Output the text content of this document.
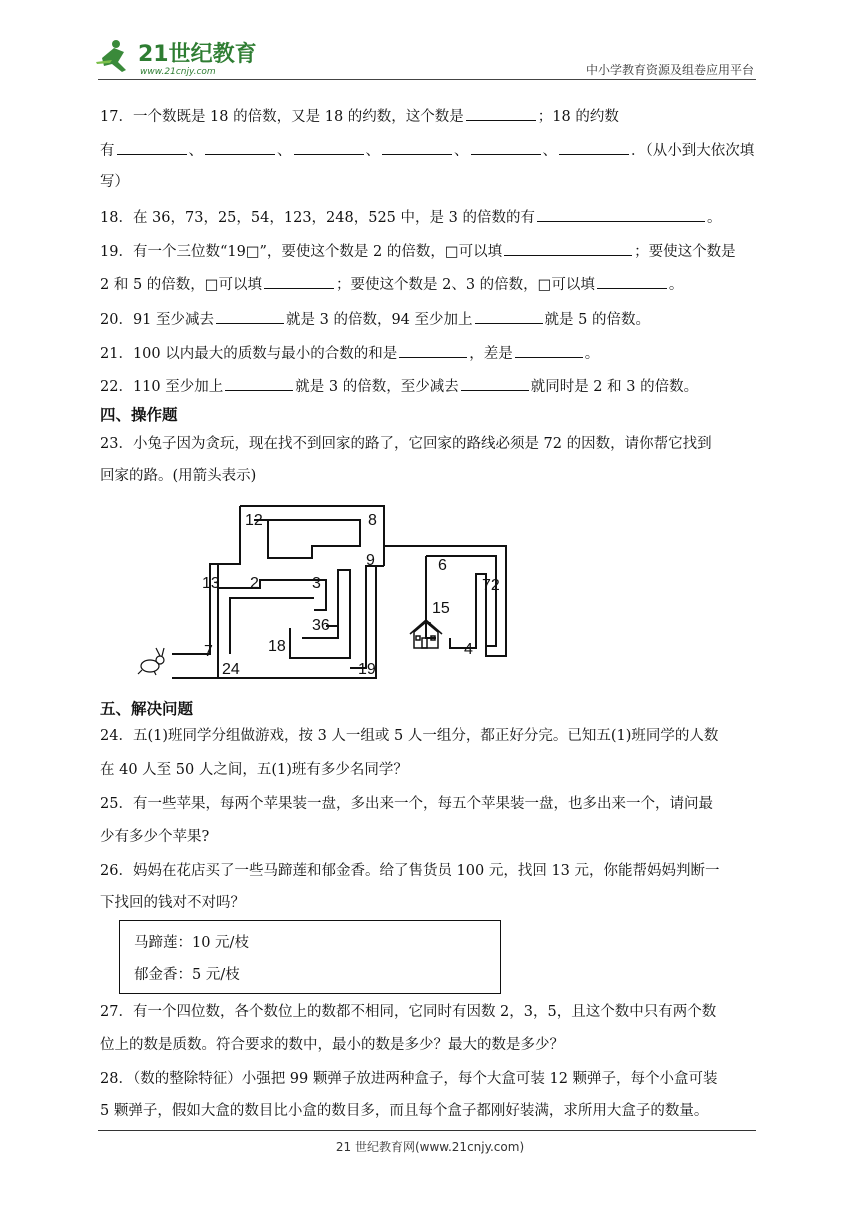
21世纪教育
www.21cnjy.com	中小学教育资源及组卷应用平台
17．一个数既是 18 的倍数，又是 18 的约数，这个数是	；18 的约数
有	、	、	、	、	、	．（从小到大依次填
写）
18．在 36，73，25，54，123，248，525 中，是 3 的倍数的有	。
19．有一个三位数“19□”，要使这个数是 2 的倍数，□可以填	；要使这个数是
2 和 5 的倍数，□可以填	；要使这个数是 2、3 的倍数，□可以填	。
20．91 至少减去	就是 3 的倍数，94 至少加上	就是 5 的倍数。
21．100 以内最大的质数与最小的合数的和是	，差是	。
22．110 至少加上	就是 3 的倍数，至少减去	就同时是 2 和 3 的倍数。
四、操作题
23．小兔子因为贪玩，现在找不到回家的路了，它回家的路线必须是 72 的因数，请你帮它找到
回家的路。(用箭头表示)
12	8
9	6
13 2	3	72
15
36
18
7
24	19
4
五、解决问题
24．五(1)班同学分组做游戏，按 3 人一组或 5 人一组分，都正好分完。已知五(1)班同学的人数
在 40 人至 50 人之间，五(1)班有多少名同学？
25．有一些苹果，每两个苹果装一盘，多出来一个，每五个苹果装一盘，也多出来一个，请问最
少有多少个苹果?
26．妈妈在花店买了一些马蹄莲和郁金香。给了售货员 100 元，找回 13 元，你能帮妈妈判断一
下找回的钱对不对吗？
马蹄莲：10 元/枝
郁金香：5 元/枝
27．有一个四位数，各个数位上的数都不相同，它同时有因数 2，3，5，且这个数中只有两个数
位上的数是质数。符合要求的数中，最小的数是多少？最大的数是多少？
28．（数的整除特征）小强把 99 颗弹子放进两种盒子，每个大盒可装 12 颗弹子，每个小盒可装
5 颗弹子，假如大盒的数目比小盒的数目多，而且每个盒子都刚好装满，求所用大盒子的数量。
21 世纪教育网(www.21cnjy.com)
